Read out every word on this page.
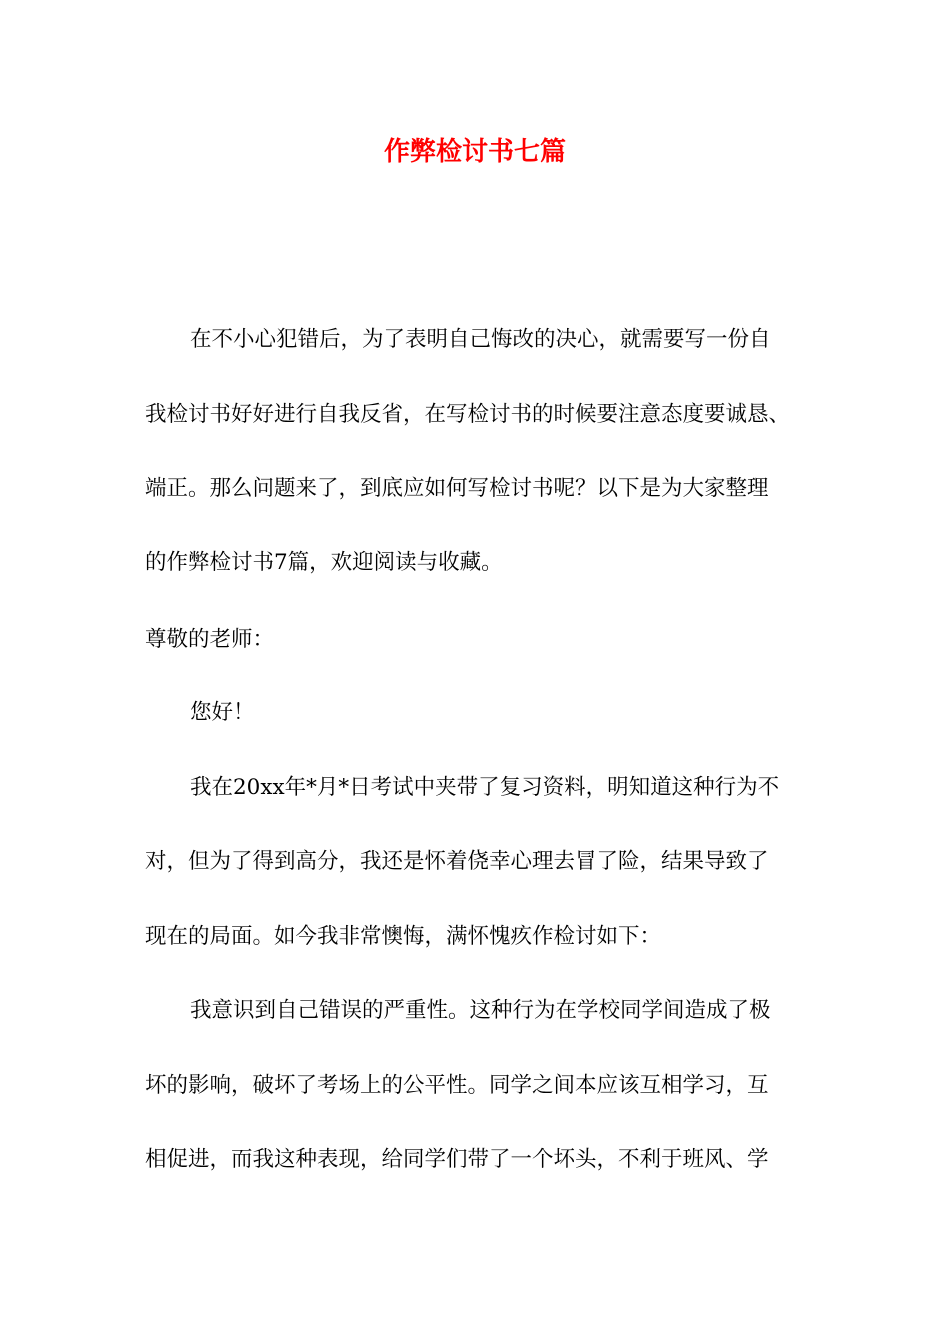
作弊检讨书七篇
在不小心犯错后，为了表明自己悔改的决心，就需要写一份自
我检讨书好好进行自我反省，在写检讨书的时候要注意态度要诚恳、
端正。那么问题来了，到底应如何写检讨书呢？以下是为大家整理
的作弊检讨书7篇，欢迎阅读与收藏。
尊敬的老师：
您好！
我在20xx年*月*日考试中夹带了复习资料，明知道这种行为不
对，但为了得到高分，我还是怀着侥幸心理去冒了险，结果导致了
现在的局面。如今我非常懊悔，满怀愧疚作检讨如下：
我意识到自己错误的严重性。这种行为在学校同学间造成了极
坏的影响，破坏了考场上的公平性。同学之间本应该互相学习，互
相促进，而我这种表现，给同学们带了一个坏头，不利于班风、学
